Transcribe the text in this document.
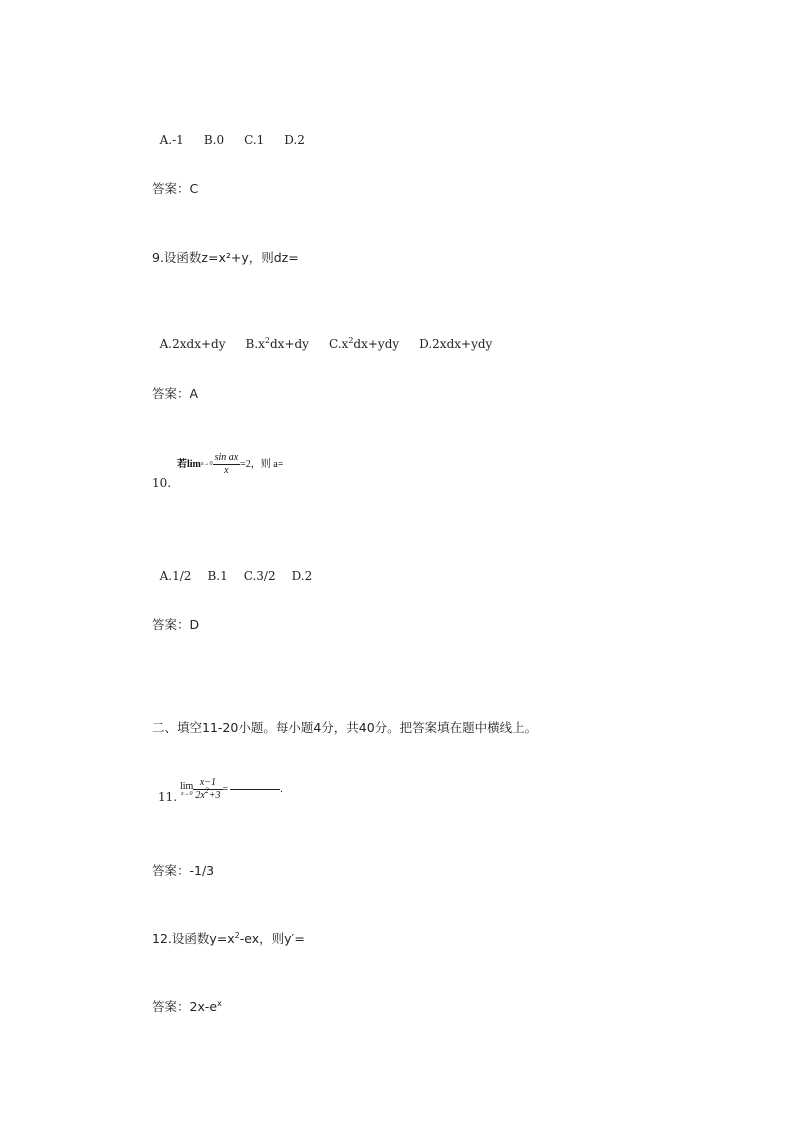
A.-1 B.0 C.1 D.2

答案：C
9.设函数z=x²+y，则dz=

A.2xdx+dy $B.x^2dx+dy$ $C.x^2dx+ydy$ D.2xdx+ydy

答案：A
若$\lim x\to 0 \frac{\text{sin ax}}{x} =2$，则 a=
10.

A.1/2 B.1 C.3/2 D.2

答案：D
二、填空11-20小题。每小题4分，共40分。把答案填在题中横线上。
11.
lim
$x\to 0 \frac{x-1}{2x^2+3}$ =	.
答案：-1/3
12.设函数$y=x^2-ex$，则y′=
答案：$2x-e^x$
